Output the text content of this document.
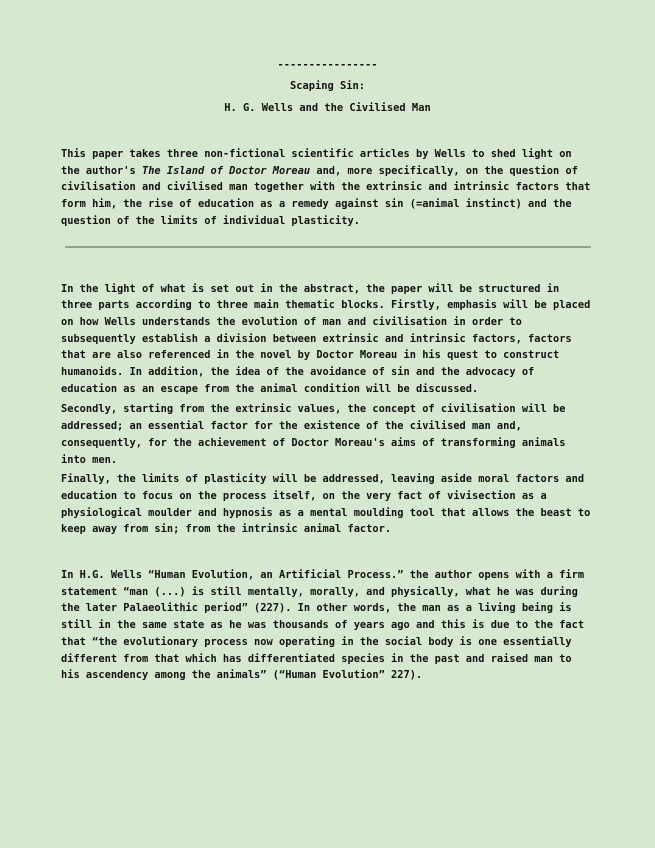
----------------
Scaping Sin:
H. G. Wells and the Civilised Man

This paper takes three non-fictional scientific articles by Wells to shed light on the author's The Island of Doctor Moreau and, more specifically, on the question of civilisation and civilised man together with the extrinsic and intrinsic factors that form him, the rise of education as a remedy against sin (=animal instinct) and the question of the limits of individual plasticity.

In the light of what is set out in the abstract, the paper will be structured in three parts according to three main thematic blocks. Firstly, emphasis will be placed on how Wells understands the evolution of man and civilisation in order to subsequently establish a division between extrinsic and intrinsic factors, factors that are also referenced in the novel by Doctor Moreau in his quest to construct humanoids. In addition, the idea of the avoidance of sin and the advocacy of education as an escape from the animal condition will be discussed.

Secondly, starting from the extrinsic values, the concept of civilisation will be addressed; an essential factor for the existence of the civilised man and, consequently, for the achievement of Doctor Moreau's aims of transforming animals into men.

Finally, the limits of plasticity will be addressed, leaving aside moral factors and education to focus on the process itself, on the very fact of vivisection as a physiological moulder and hypnosis as a mental moulding tool that allows the beast to keep away from sin; from the intrinsic animal factor.

In H.G. Wells “Human Evolution, an Artificial Process.” the author opens with a firm statement “man (...) is still mentally, morally, and physically, what he was during the later Palaeolithic period” (227). In other words, the man as a living being is still in the same state as he was thousands of years ago and this is due to the fact that “the evolutionary process now operating in the social body is one essentially different from that which has differentiated species in the past and raised man to his ascendency among the animals” (“Human Evolution” 227).
